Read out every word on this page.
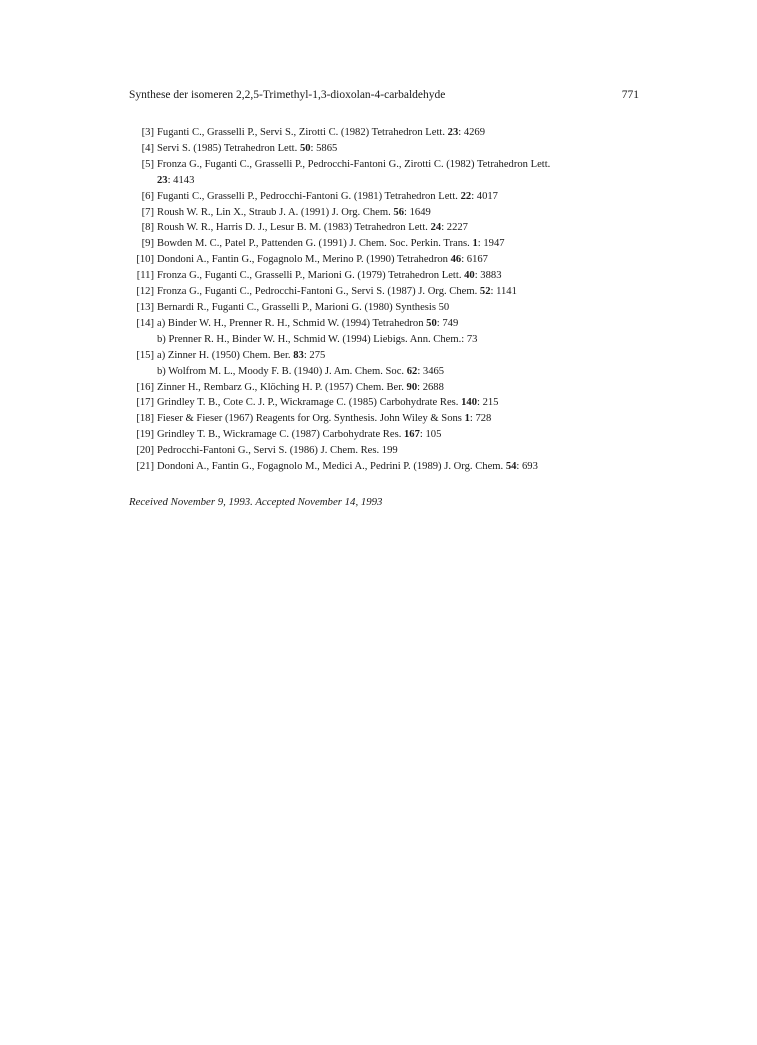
Synthese der isomeren 2,2,5-Trimethyl-1,3-dioxolan-4-carbaldehyde	771
[3] Fuganti C., Grasselli P., Servi S., Zirotti C. (1982) Tetrahedron Lett. 23: 4269
[4] Servi S. (1985) Tetrahedron Lett. 50: 5865
[5] Fronza G., Fuganti C., Grasselli P., Pedrocchi-Fantoni G., Zirotti C. (1982) Tetrahedron Lett.
23: 4143
[6] Fuganti C., Grasselli P., Pedrocchi-Fantoni G. (1981) Tetrahedron Lett. 22: 4017
[7] Roush W. R., Lin X., Straub J. A. (1991) J. Org. Chem. 56: 1649
[8] Roush W. R., Harris D. J., Lesur B. M. (1983) Tetrahedron Lett. 24: 2227
[9] Bowden M. C., Patel P., Pattenden G. (1991) J. Chem. Soc. Perkin. Trans. 1: 1947
[10] Dondoni A., Fantin G., Fogagnolo M., Merino P. (1990) Tetrahedron 46: 6167
[11] Fronza G., Fuganti C., Grasselli P., Marioni G. (1979) Tetrahedron Lett. 40: 3883
[12] Fronza G., Fuganti C., Pedrocchi-Fantoni G., Servi S. (1987) J. Org. Chem. 52: 1141
[13] Bernardi R., Fuganti C., Grasselli P., Marioni G. (1980) Synthesis 50
[14] a) Binder W. H., Prenner R. H., Schmid W. (1994) Tetrahedron 50: 749
b) Prenner R. H., Binder W. H., Schmid W. (1994) Liebigs. Ann. Chem.: 73
[15] a) Zinner H. (1950) Chem. Ber. 83: 275
b) Wolfrom M. L., Moody F. B. (1940) J. Am. Chem. Soc. 62: 3465
[16] Zinner H., Rembarz G., Klöching H. P. (1957) Chem. Ber. 90: 2688
[17] Grindley T. B., Cote C. J. P., Wickramage C. (1985) Carbohydrate Res. 140: 215
[18] Fieser & Fieser (1967) Reagents for Org. Synthesis. John Wiley & Sons 1: 728
[19] Grindley T. B., Wickramage C. (1987) Carbohydrate Res. 167: 105
[20] Pedrocchi-Fantoni G., Servi S. (1986) J. Chem. Res. 199
[21] Dondoni A., Fantin G., Fogagnolo M., Medici A., Pedrini P. (1989) J. Org. Chem. 54: 693
Received November 9, 1993. Accepted November 14, 1993
